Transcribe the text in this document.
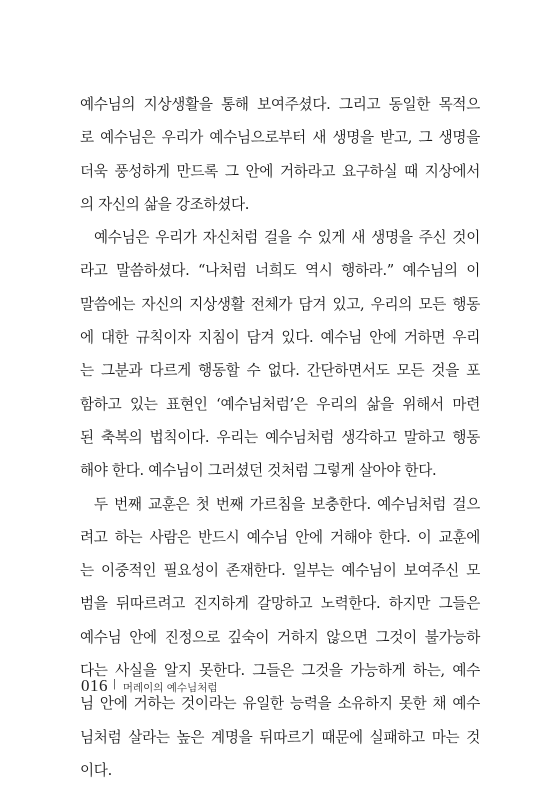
예수님의 지상생활을 통해 보여주셨다. 그리고 동일한 목적으
로 예수님은 우리가 예수님으로부터 새 생명을 받고, 그 생명을
더욱 풍성하게 만드록 그 안에 거하라고 요구하실 때 지상에서
의 자신의 삶을 강조하셨다.
예수님은 우리가 자신처럼 걸을 수 있게 새 생명을 주신 것이
라고 말씀하셨다. “나처럼 너희도 역시 행하라.” 예수님의 이
말씀에는 자신의 지상생활 전체가 담겨 있고, 우리의 모든 행동
에 대한 규칙이자 지침이 담겨 있다. 예수님 안에 거하면 우리
는 그분과 다르게 행동할 수 없다. 간단하면서도 모든 것을 포
함하고 있는 표현인 ‘예수님처럼’은 우리의 삶을 위해서 마련
된 축복의 법칙이다. 우리는 예수님처럼 생각하고 말하고 행동
해야 한다. 예수님이 그러셨던 것처럼 그렇게 살아야 한다.
두 번째 교훈은 첫 번째 가르침을 보충한다. 예수님처럼 걸으
려고 하는 사람은 반드시 예수님 안에 거해야 한다. 이 교훈에
는 이중적인 필요성이 존재한다. 일부는 예수님이 보여주신 모
범을 뒤따르려고 진지하게 갈망하고 노력한다. 하지만 그들은
예수님 안에 진정으로 깊숙이 거하지 않으면 그것이 불가능하
다는 사실을 알지 못한다. 그들은 그것을 가능하게 하는, 예수
님 안에 거하는 것이라는 유일한 능력을 소유하지 못한 채 예수
님처럼 살라는 높은 계명을 뒤따르기 때문에 실패하고 마는 것
이다.
016 | 머레이의 예수님처럼
